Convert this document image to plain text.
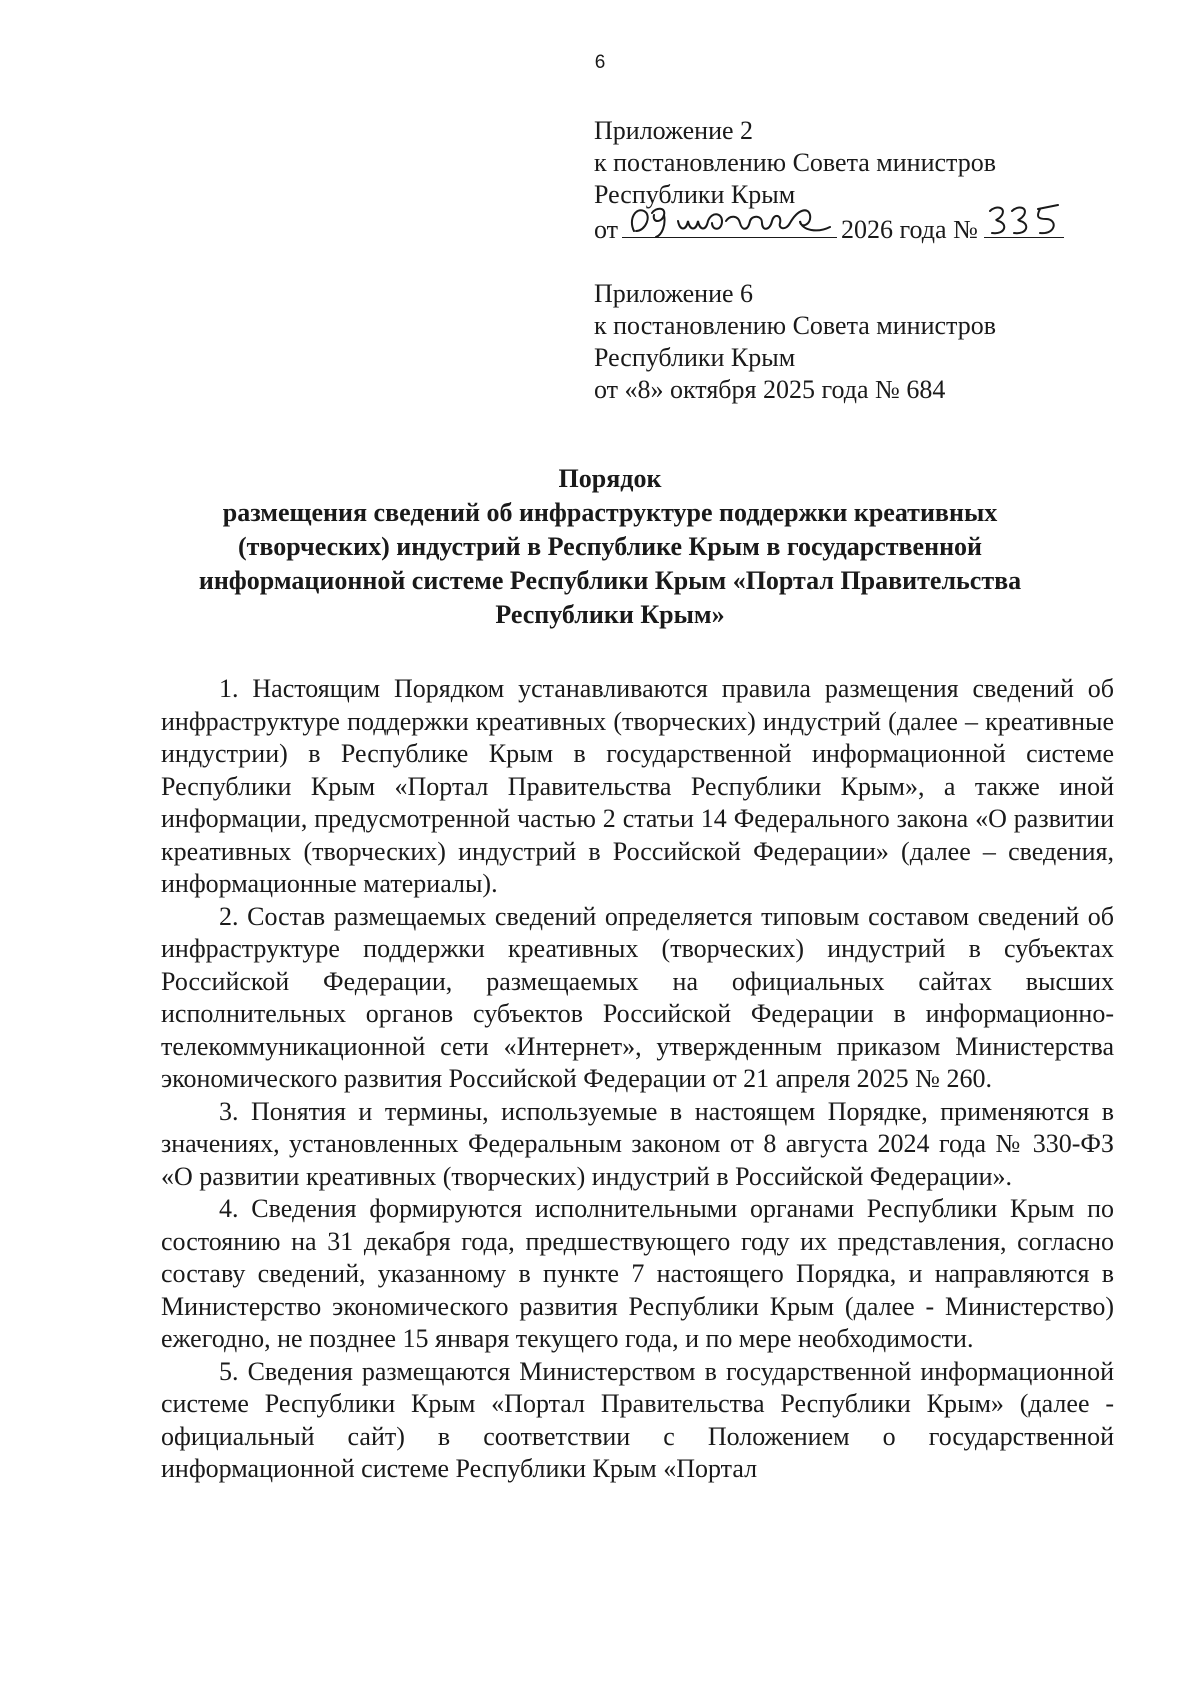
6
Приложение 2
к постановлению Совета министров
Республики Крым
от	2026 года №
Приложение 6
к постановлению Совета министров
Республики Крым
от «8» октября 2025 года № 684
Порядок
размещения сведений об инфраструктуре поддержки креативных
(творческих) индустрий в Республике Крым в государственной
информационной системе Республики Крым «Портал Правительства
Республики Крым»

1. Настоящим Порядком устанавливаются правила размещения сведений об инфраструктуре поддержки креативных (творческих) индустрий (далее – креативные индустрии) в Республике Крым в государственной информационной системе Республики Крым «Портал Правительства Республики Крым», а также иной информации, предусмотренной частью 2 статьи 14 Федерального закона «О развитии креативных (творческих) индустрий в Российской Федерации» (далее – сведения, информационные материалы).

2. Состав размещаемых сведений определяется типовым составом сведений об инфраструктуре поддержки креативных (творческих) индустрий в субъектах Российской Федерации, размещаемых на официальных сайтах высших исполнительных органов субъектов Российской Федерации в информационно-телекоммуникационной сети «Интернет», утвержденным приказом Министерства экономического развития Российской Федерации от 21 апреля 2025 № 260.

3. Понятия и термины, используемые в настоящем Порядке, применяются в значениях, установленных Федеральным законом от 8 августа 2024 года № 330-ФЗ «О развитии креативных (творческих) индустрий в Российской Федерации».

4. Сведения формируются исполнительными органами Республики Крым по состоянию на 31 декабря года, предшествующего году их представления, согласно составу сведений, указанному в пункте 7 настоящего Порядка, и направляются в Министерство экономического развития Республики Крым (далее - Министерство) ежегодно, не позднее 15 января текущего года, и по мере необходимости.

5. Сведения размещаются Министерством в государственной информационной системе Республики Крым «Портал Правительства Республики Крым» (далее - официальный сайт) в соответствии с Положением о государственной информационной системе Республики Крым «Портал
